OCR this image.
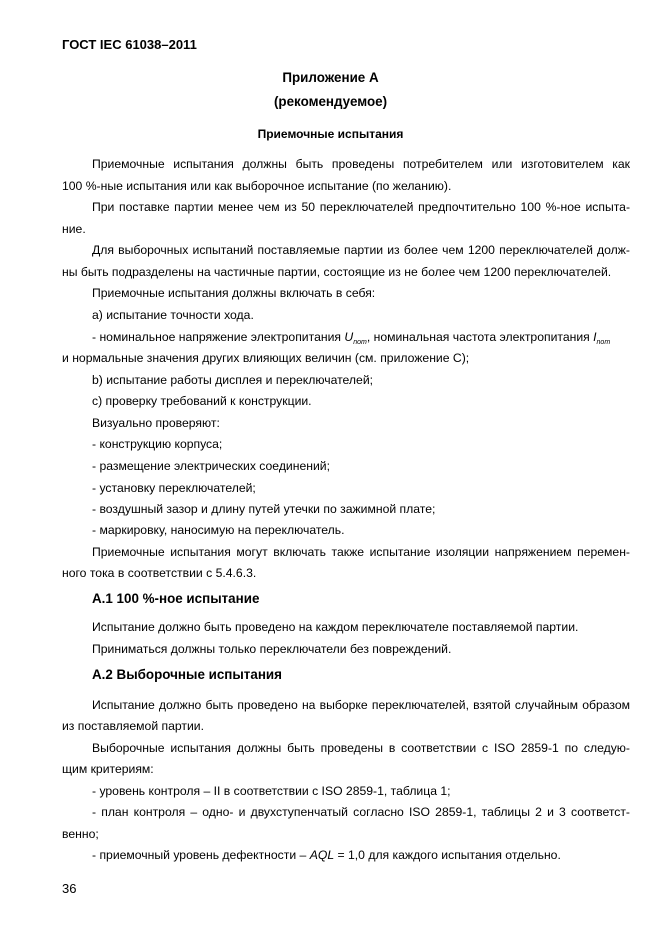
ГОСТ IEC 61038–2011
Приложение А
(рекомендуемое)
Приемочные испытания
Приемочные испытания должны быть проведены потребителем или изготовителем как
100 %-ные испытания или как выборочное испытание (по желанию).
При поставке партии менее чем из 50 переключателей предпочтительно 100 %-ное испыта-
ние.
Для выборочных испытаний поставляемые партии из более чем 1200 переключателей долж-
ны быть подразделены на частичные партии, состоящие из не более чем 1200 переключателей.
Приемочные испытания должны включать в себя:
а) испытание точности хода.
- номинальное напряжение электропитания $U_{nom}$, номинальная частота электропитания $I_{nom}$
и нормальные значения других влияющих величин (см. приложение С);
b) испытание работы дисплея и переключателей;
c) проверку требований к конструкции.
Визуально проверяют:
- конструкцию корпуса;
- размещение электрических соединений;
- установку переключателей;
- воздушный зазор и длину путей утечки по зажимной плате;
- маркировку, наносимую на переключатель.
Приемочные испытания могут включать также испытание изоляции напряжением перемен-
ного тока в соответствии с 5.4.6.3.
А.1 100 %-ное испытание
Испытание должно быть проведено на каждом переключателе поставляемой партии.
Приниматься должны только переключатели без повреждений.
А.2 Выборочные испытания
Испытание должно быть проведено на выборке переключателей, взятой случайным образом
из поставляемой партии.
Выборочные испытания должны быть проведены в соответствии с ISO 2859-1 по следую-
щим критериям:
- уровень контроля – II в соответствии с ISO 2859-1, таблица 1;
- план контроля – одно- и двухступенчатый согласно ISO 2859-1, таблицы 2 и 3 соответст-
венно;
- приемочный уровень дефектности – AQL = 1,0 для каждого испытания отдельно.
36
